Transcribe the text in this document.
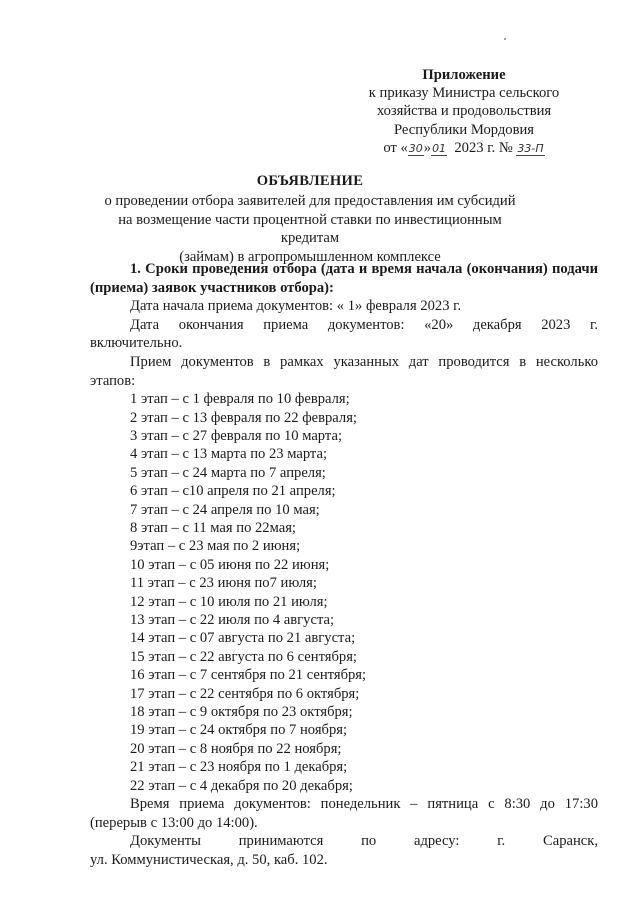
Приложение
к приказу Министра сельского
хозяйства и продовольствия
Республики Мордовия
от «30»01 2023 г. № 33-П
ОБЪЯВЛЕНИЕ
о проведении отбора заявителей для предоставления им субсидий
на возмещение части процентной ставки по инвестиционным кредитам
(займам) в агропромышленном комплексе

1. Сроки проведения отбора (дата и время начала (окончания) подачи (приема) заявок участников отбора):

Дата начала приема документов: « 1» февраля 2023 г.

Дата окончания приема документов: «20» декабря 2023 г.

включительно.

Прием документов в рамках указанных дат проводится в несколько

этапов:

1 этап – с 1 февраля по 10 февраля;

2 этап – с 13 февраля по 22 февраля;

3 этап – с 27 февраля по 10 марта;

4 этап – с 13 марта по 23 марта;

5 этап – с 24 марта по 7 апреля;

6 этап – с10 апреля по 21 апреля;

7 этап – с 24 апреля по 10 мая;

8 этап – с 11 мая по 22мая;

9этап – с 23 мая по 2 июня;

10 этап – с 05 июня по 22 июня;

11 этап – с 23 июня по7 июля;

12 этап – с 10 июля по 21 июля;

13 этап – с 22 июля по 4 августа;

14 этап – с 07 августа по 21 августа;

15 этап – с 22 августа по 6 сентября;

16 этап – с 7 сентября по 21 сентября;

17 этап – с 22 сентября по 6 октября;

18 этап – с 9 октября по 23 октября;

19 этап – с 24 октября по 7 ноября;

20 этап – с 8 ноября по 22 ноября;

21 этап – с 23 ноября по 1 декабря;

22 этап – с 4 декабря по 20 декабря;

Время приема документов: понедельник – пятница с 8:30 до 17:30

(перерыв с 13:00 до 14:00).

Документы принимаются по адресу: г. Саранск,

ул. Коммунистическая, д. 50, каб. 102.
